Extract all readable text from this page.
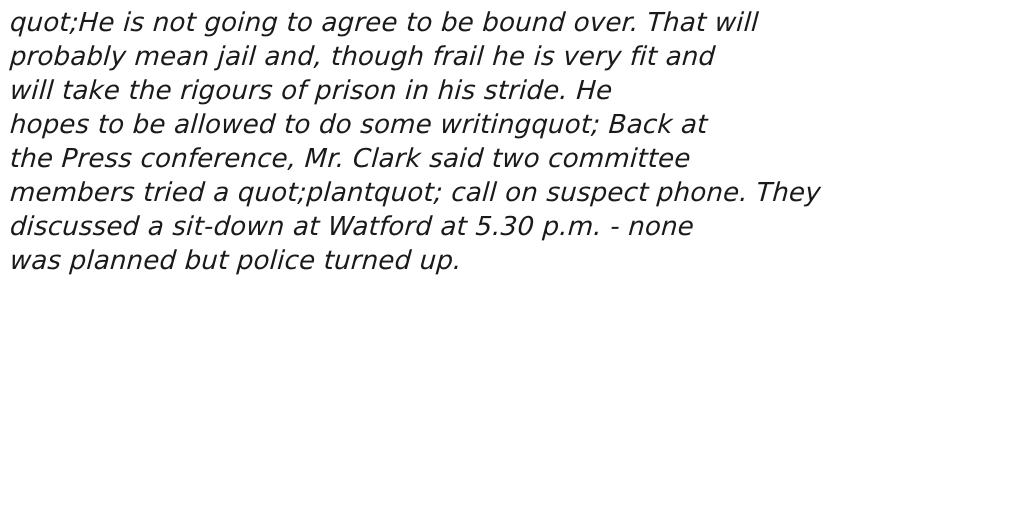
quot;He is not going to agree to be bound over. That will
probably mean jail and, though frail he is very fit and
will take the rigours of prison in his stride. He
hopes to be allowed to do some writingquot; Back at
the Press conference, Mr. Clark said two committee
members tried a quot;plantquot; call on suspect phone. They
discussed a sit-down at Watford at 5.30 p.m. - none
was planned but police turned up.
